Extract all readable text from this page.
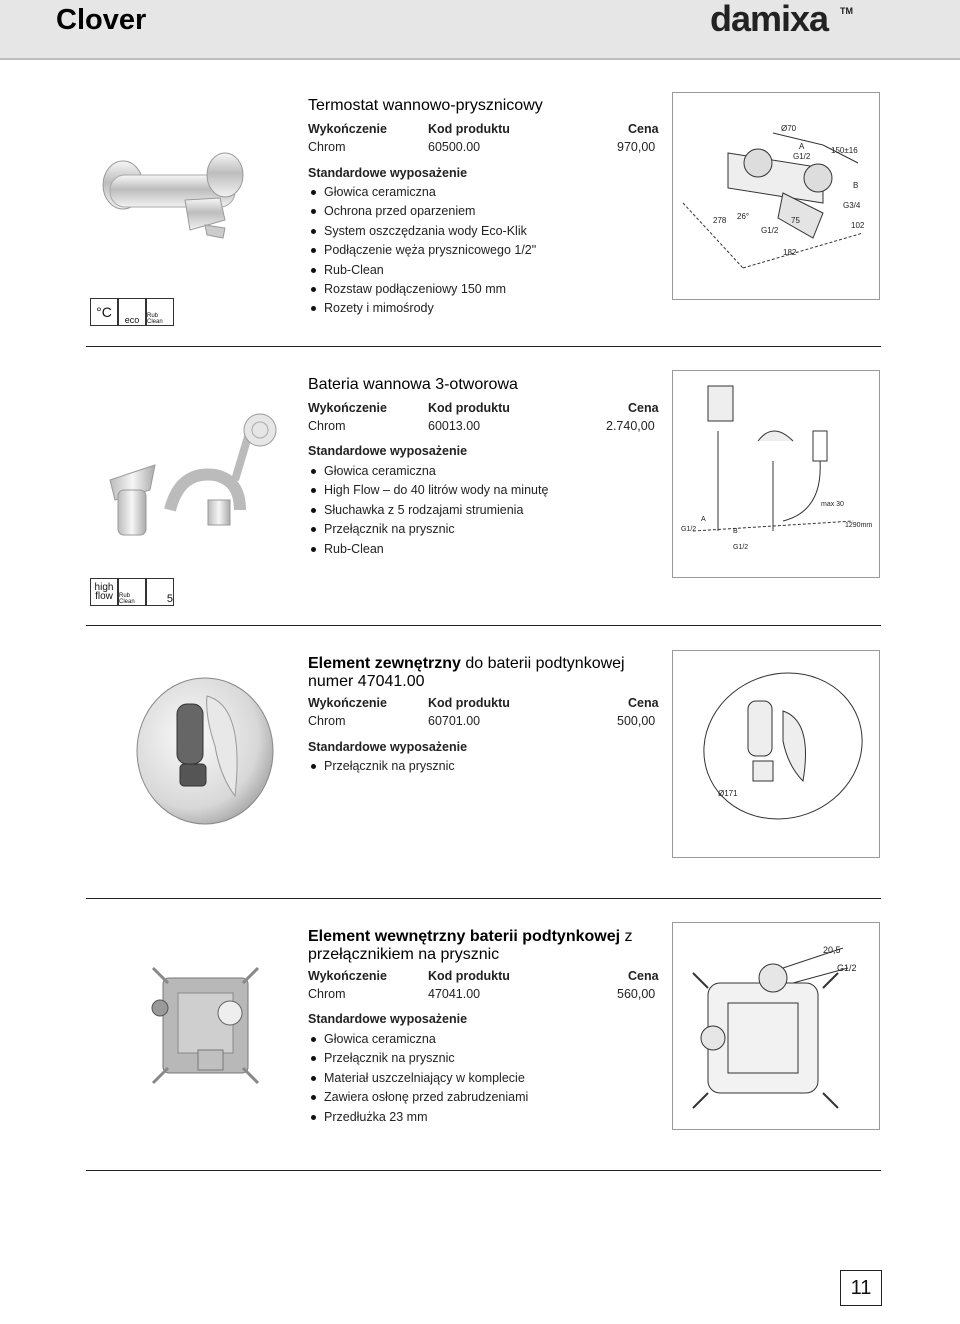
Clover	damixa TM
°C	eco Rub Clean
Termostat wannowo-prysznicowy
Wykończenie	Kod produktu	Cena
Chrom	60500.00	970,00
Standardowe wyposażenie
Głowica ceramiczna
Ochrona przed oparzeniem
System oszczędzania wody Eco-Klik
Podłączenie węża prysznicowego 1/2"
Rub-Clean
Rozstaw podłączeniowy 150 mm
Rozety i mimośrody
Ø70
G1/2
150±16
B
G3/4
102
182
75
G1/2
26°
278
A
high flow	Rub Clean	5
Bateria wannowa 3-otworowa
Wykończenie	Kod produktu	Cena
Chrom	60013.00	2.740,00
Standardowe wyposażenie
Głowica ceramiczna
High Flow – do 40 litrów wody na minutę
Słuchawka z 5 rodzajami strumienia
Przełącznik na prysznic
Rub-Clean
A
B
G1/2
G1/2
1290mm
max 30
Element zewnętrzny do baterii podtynkowej numer 47041.00
Wykończenie	Kod produktu	Cena
Chrom	60701.00	500,00
Standardowe wyposażenie
Przełącznik na prysznic
Ø171
Element wewnętrzny baterii podtynkowej z przełącznikiem na prysznic
Wykończenie	Kod produktu	Cena
Chrom	47041.00	560,00
Standardowe wyposażenie
Głowica ceramiczna
Przełącznik na prysznic
Materiał uszczelniający w komplecie
Zawiera osłonę przed zabrudzeniami
Przedłużka 23 mm
20,5
G1/2
11
